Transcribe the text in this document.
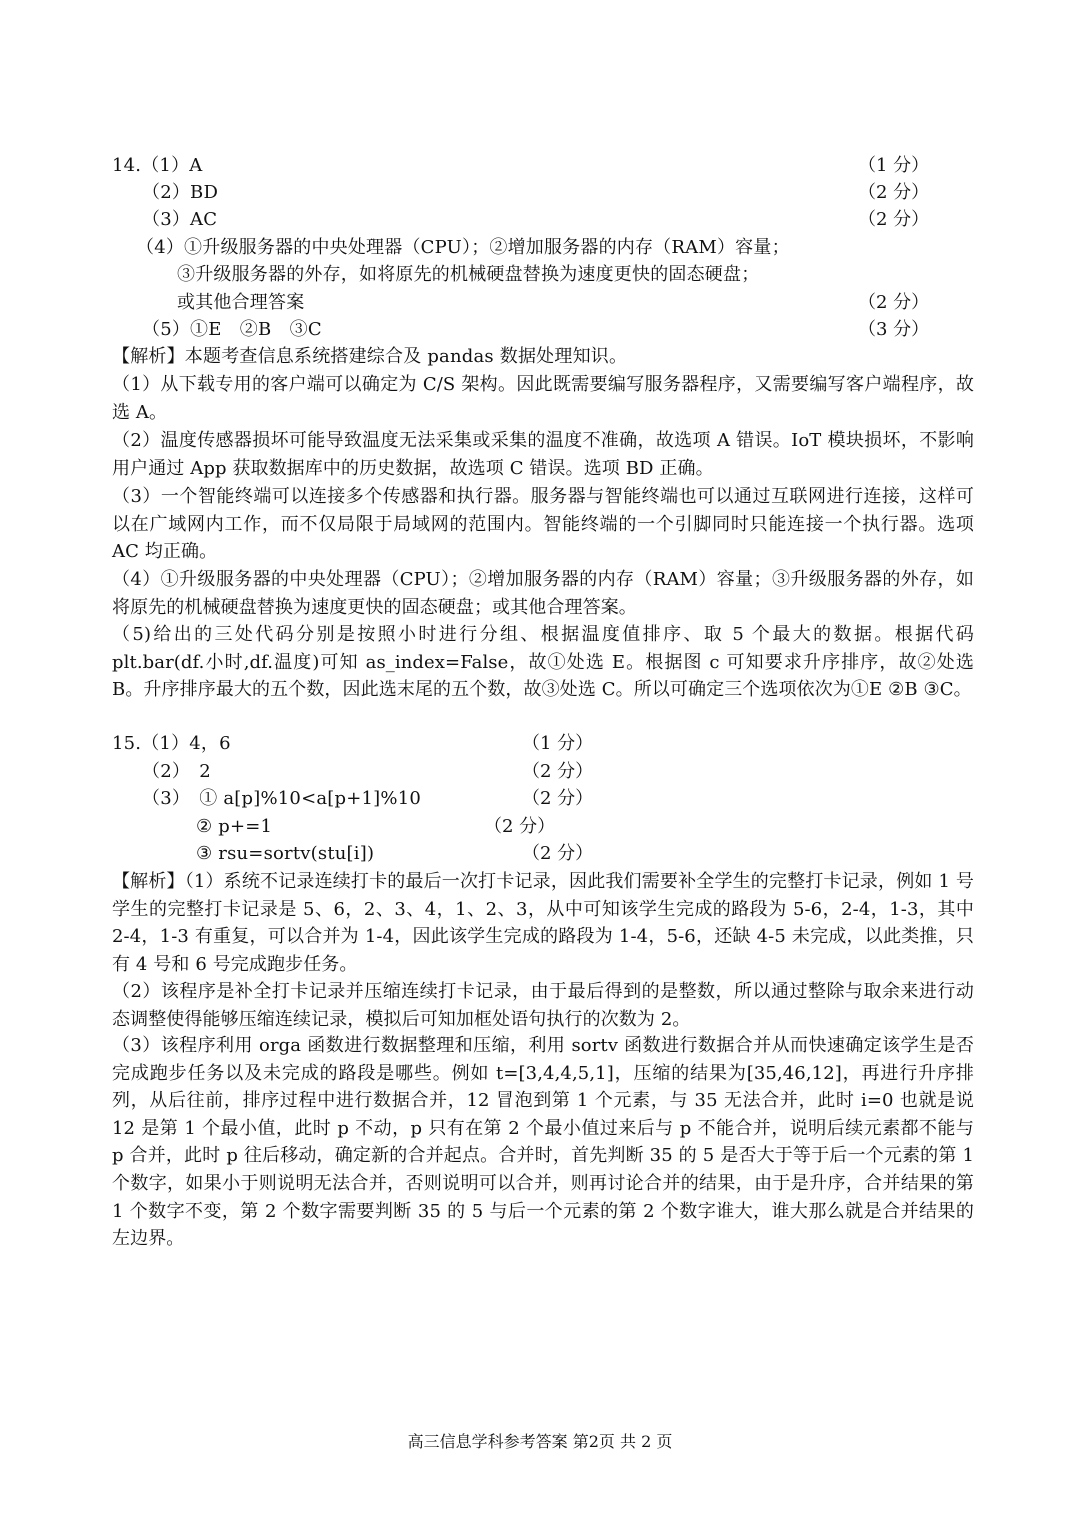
14.（1）A	（1 分）
（2）BD	（2 分）
（3）AC	（2 分）
（4）①升级服务器的中央处理器（CPU）；②增加服务器的内存（RAM）容量；
③升级服务器的外存，如将原先的机械硬盘替换为速度更快的固态硬盘；
或其他合理答案	（2 分）
（5）①E　②B　③C	（3 分）
【解析】本题考查信息系统搭建综合及 pandas 数据处理知识。
（1）从下载专用的客户端可以确定为 C/S 架构。因此既需要编写服务器程序，又需要编写客户端程序，故选 A。
（2）温度传感器损坏可能导致温度无法采集或采集的温度不准确，故选项 A 错误。IoT 模块损坏，不影响用户通过 App 获取数据库中的历史数据，故选项 C 错误。选项 BD 正确。
（3）一个智能终端可以连接多个传感器和执行器。服务器与智能终端也可以通过互联网进行连接，这样可以在广域网内工作，而不仅局限于局域网的范围内。智能终端的一个引脚同时只能连接一个执行器。选项 AC 均正确。
（4）①升级服务器的中央处理器（CPU）；②增加服务器的内存（RAM）容量；③升级服务器的外存，如将原先的机械硬盘替换为速度更快的固态硬盘；或其他合理答案。
（5)给出的三处代码分别是按照小时进行分组、根据温度值排序、取 5 个最大的数据。根据代码 plt.bar(df.小时,df.温度)可知 as_index=False，故①处选 E。根据图 c 可知要求升序排序，故②处选 B。升序排序最大的五个数，因此选末尾的五个数，故③处选 C。所以可确定三个选项依次为①E ②B ③C。
15.（1）4，6	（1 分）
（2）　2	（2 分）
（3）　① a[p]%10<a[p+1]%10	（2 分）
② p+=1	（2 分）
③ rsu=sortv(stu[i])	（2 分）
【解析】（1）系统不记录连续打卡的最后一次打卡记录，因此我们需要补全学生的完整打卡记录，例如 1 号学生的完整打卡记录是 5、6，2、3、4，1、2、3，从中可知该学生完成的路段为 5-6，2-4，1-3，其中 2-4，1-3 有重复，可以合并为 1-4，因此该学生完成的路段为 1-4，5-6，还缺 4-5 未完成，以此类推，只有 4 号和 6 号完成跑步任务。
（2）该程序是补全打卡记录并压缩连续打卡记录，由于最后得到的是整数，所以通过整除与取余来进行动态调整使得能够压缩连续记录，模拟后可知加框处语句执行的次数为 2。
（3）该程序利用 orga 函数进行数据整理和压缩，利用 sortv 函数进行数据合并从而快速确定该学生是否完成跑步任务以及未完成的路段是哪些。例如 t=[3,4,4,5,1]，压缩的结果为[35,46,12]，再进行升序排列，从后往前，排序过程中进行数据合并，12 冒泡到第 1 个元素，与 35 无法合并，此时 i=0 也就是说 12 是第 1 个最小值，此时 p 不动，p 只有在第 2 个最小值过来后与 p 不能合并，说明后续元素都不能与 p 合并，此时 p 往后移动，确定新的合并起点。合并时，首先判断 35 的 5 是否大于等于后一个元素的第 1 个数字，如果小于则说明无法合并，否则说明可以合并，则再讨论合并的结果，由于是升序，合并结果的第 1 个数字不变，第 2 个数字需要判断 35 的 5 与后一个元素的第 2 个数字谁大，谁大那么就是合并结果的左边界。
高三信息学科参考答案 第2页 共 2 页
